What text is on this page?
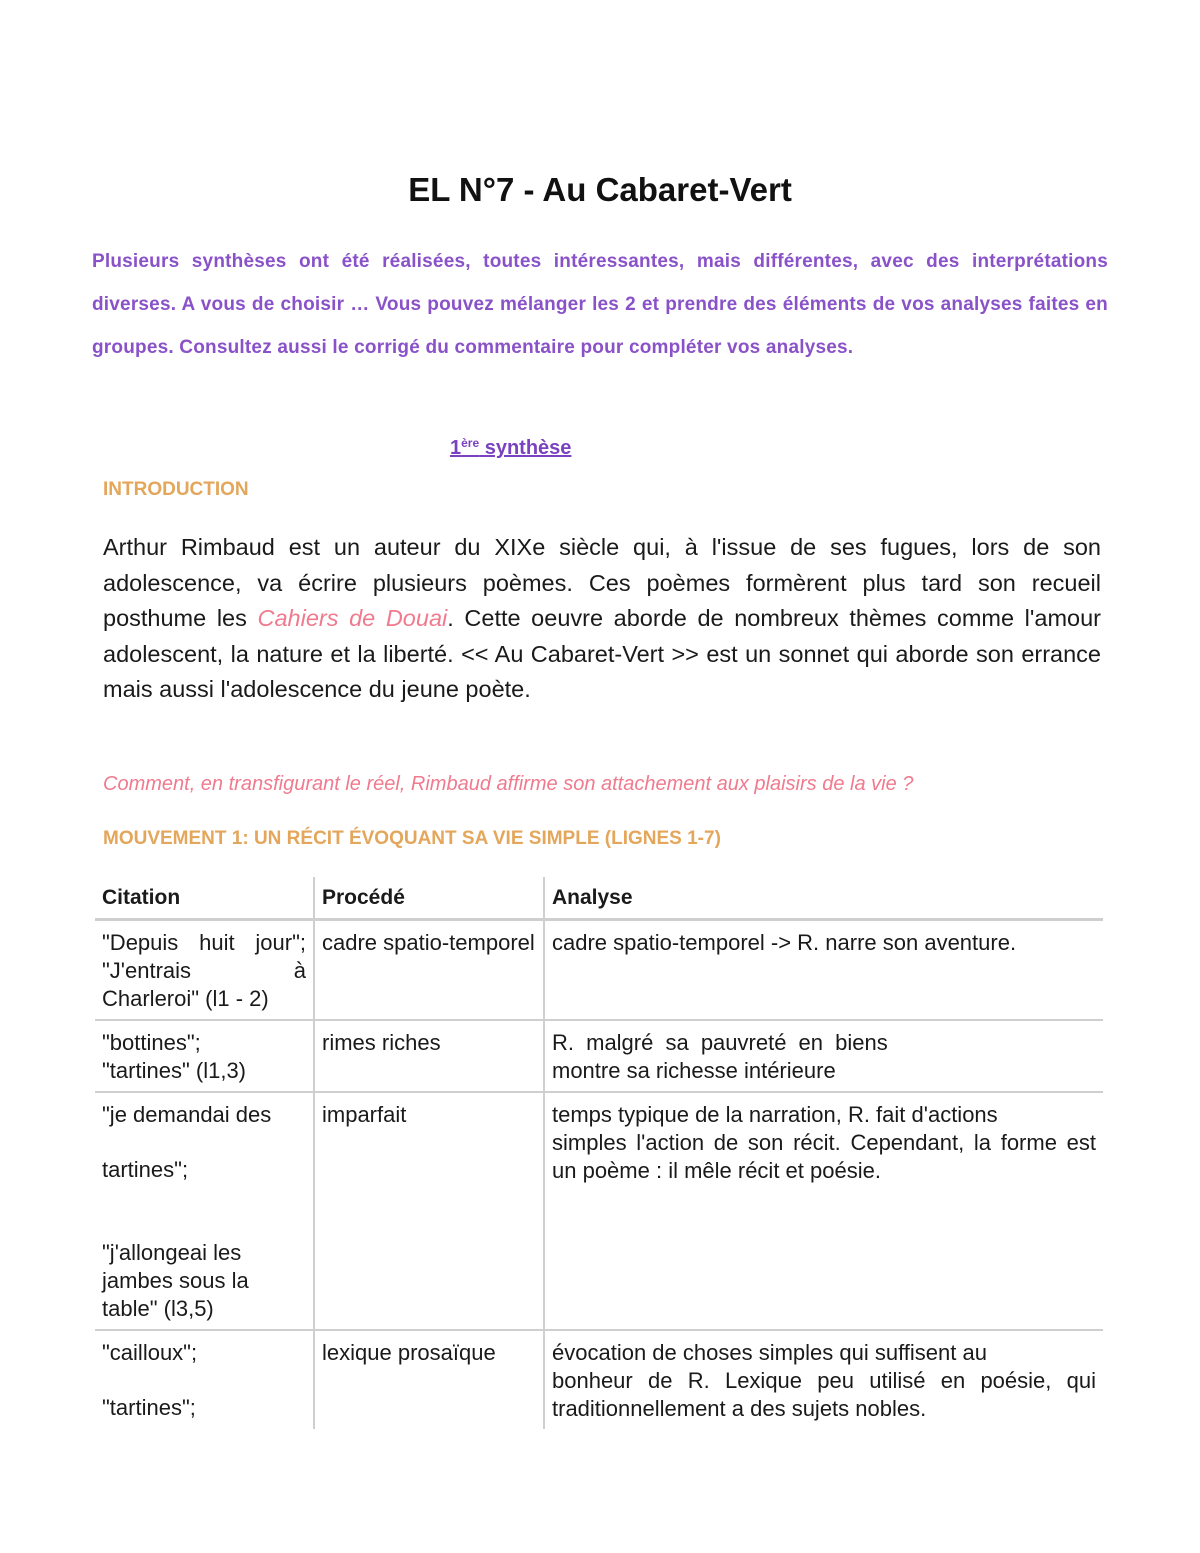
EL N°7 - Au Cabaret-Vert
Plusieurs synthèses ont été réalisées, toutes intéressantes, mais différentes, avec des interprétations diverses. A vous de choisir … Vous pouvez mélanger les 2 et prendre des éléments de vos analyses faites en groupes. Consultez aussi le corrigé du commentaire pour compléter vos analyses.
1ère synthèse
INTRODUCTION
Arthur Rimbaud est un auteur du XIXe siècle qui, à l'issue de ses fugues, lors de son adolescence, va écrire plusieurs poèmes. Ces poèmes formèrent plus tard son recueil posthume les Cahiers de Douai. Cette oeuvre aborde de nombreux thèmes comme l'amour adolescent, la nature et la liberté. << Au Cabaret-Vert >> est un sonnet qui aborde son errance mais aussi l'adolescence du jeune poète.
Comment, en transfigurant le réel, Rimbaud affirme son attachement aux plaisirs de la vie ?
MOUVEMENT 1: UN RÉCIT ÉVOQUANT SA VIE SIMPLE (LIGNES 1-7)
Citation	Procédé	Analyse

"Depuis huit jour"; "J'entrais à Charleroi" (l1 - 2)	cadre spatio-temporel	cadre spatio-temporel -> R. narre son aventure.

"bottines";
"tartines" (l1,3)	rimes riches	R. malgré sa pauvreté en biens
montre sa richesse intérieure

"je demandai des
tartines";
"j'allongeai les jambes sous la table" (l3,5)	imparfait	temps typique de la narration, R. fait d'actions
simples l'action de son récit. Cependant, la forme est un poème : il mêle récit et poésie.

"cailloux";
"tartines";	lexique prosaïque	évocation de choses simples qui suffisent au
bonheur de R. Lexique peu utilisé en poésie, qui traditionnellement a des sujets nobles.
